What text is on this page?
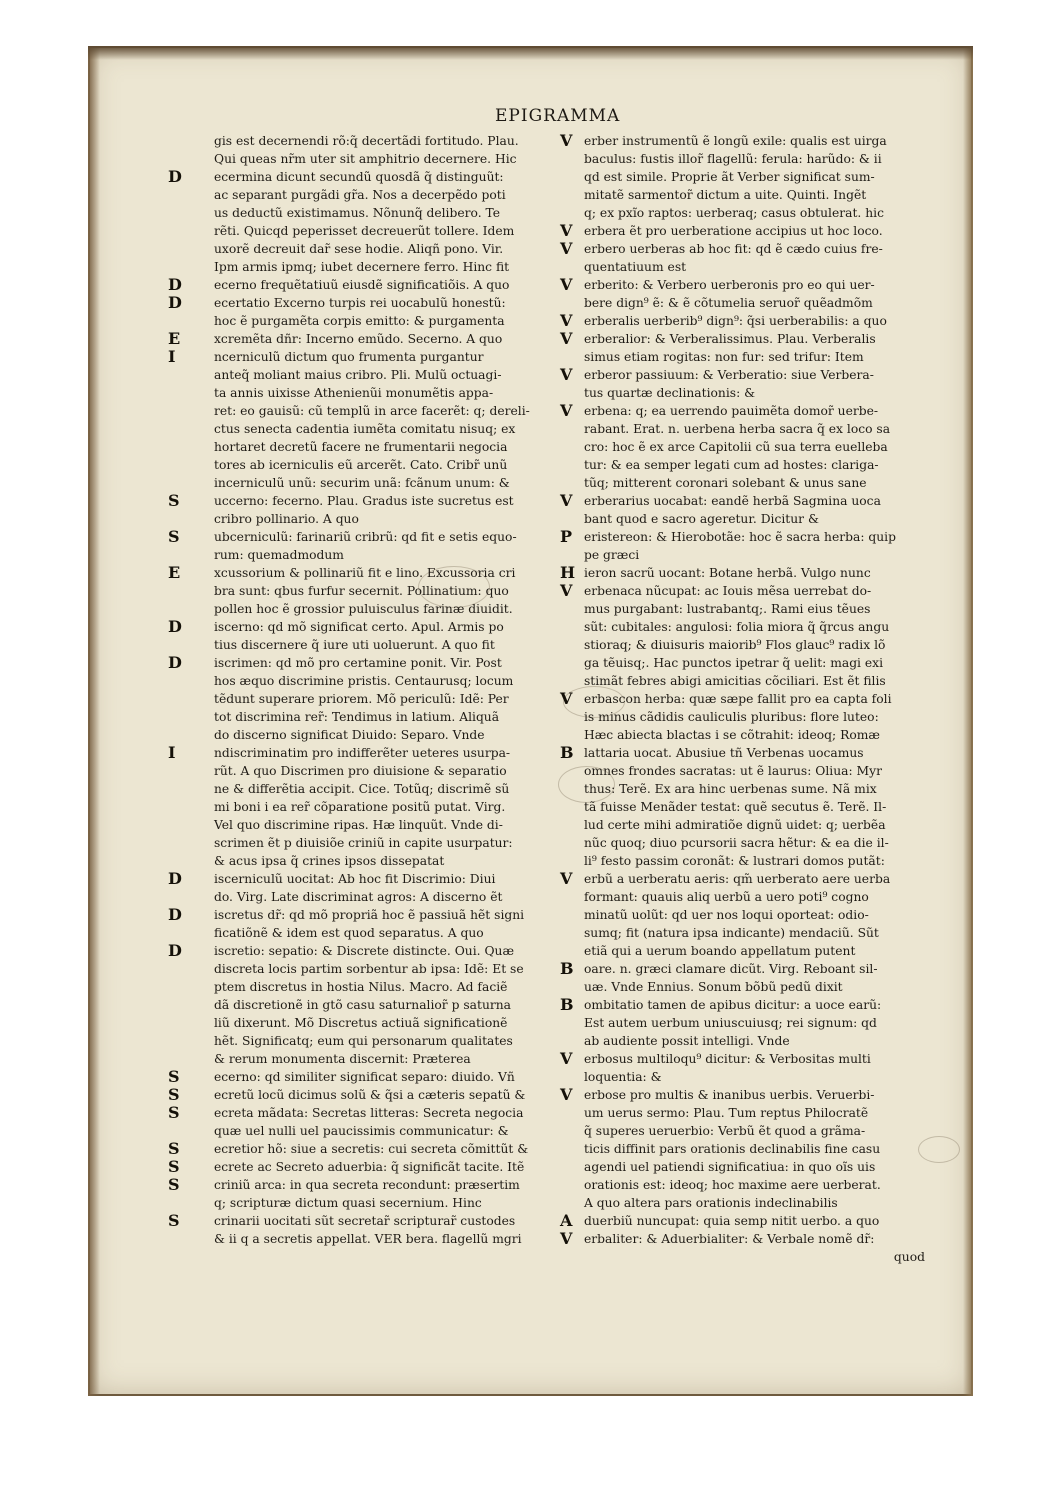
EPIGRAMMA
gis est decernendi rõ:q̃ decertãdi fortitudo. Plau.
Qui queas nr̃m uter sit amphitrio decernere. Hic
D	ecermina dicunt secundũ quosdã q̃ distinguũt:
ac separant purgãdi gr̃a. Nos a decerpẽdo poti
us deductũ existimamus. Nõnunq̃ delibero. Te
rẽti. Quicqd peperisset decreuerũt tollere. Idem
uxorẽ decreuit dar̃ sese hodie. Aliqñ pono. Vir.
Ipm armis ipmq; iubet decernere ferro. Hinc fit
D	ecerno frequẽtatiuũ eiusdẽ significatiõis. A quo
D	ecertatio Excerno turpis rei uocabulũ honestũ:
hoc ẽ purgamẽta corpis emitto: & purgamenta
E	xcremẽta dñr: Incerno emũdo. Secerno. A quo
I	ncerniculũ dictum quo frumenta purgantur
anteq̃ moliant maius cribro. Pli. Mulũ octuagi-
ta annis uixisse Athenienũi monumẽtis appa-
ret: eo gauisũ: cũ templũ in arce facerẽt: q; dereli-
ctus senecta cadentia iumẽta comitatu nisuq; ex
hortaret decretũ facere ne frumentarii negocia
tores ab icerniculis eũ arcerẽt. Cato. Cribr̃ unũ
incerniculũ unũ: securim unã: fcãnum unum: &
S	uccerno: fecerno. Plau. Gradus iste sucretus est
cribro pollinario. A quo
S	ubcerniculũ: farinariũ cribrũ: qd fit e setis equo-
rum: quemadmodum
E	xcussorium & pollinariũ fit e lino. Excussoria cri
bra sunt: qbus furfur secernit. Pollinatium: quo
pollen hoc ẽ grossior puluisculus farinæ diuidit.
D	iscerno: qd mõ significat certo. Apul. Armis po
tius discernere q̃ iure uti uoluerunt. A quo fit
D	iscrimen: qd mõ pro certamine ponit. Vir. Post
hos æquo discrimine pristis. Centaurusq; locum
tẽdunt superare priorem. Mõ periculũ: Idẽ: Per
tot discrimina rer̃: Tendimus in latium. Aliquã
do discerno significat Diuido: Separo. Vnde
I	ndiscriminatim pro indifferẽter ueteres usurpa-
rũt. A quo Discrimen pro diuisione & separatio
ne & differẽtia accipit. Cice. Totũq; discrimẽ sũ
mi boni i ea rer̃ cõparatione positũ putat. Virg.
Vel quo discrimine ripas. Hæ linquũt. Vnde di-
scrimen ẽt p diuisiõe criniũ in capite usurpatur:
& acus ipsa q̃ crines ipsos dissepatat
D	iscerniculũ uocitat: Ab hoc fit Discrimio: Diui
do. Virg. Late discriminat agros: A discerno ẽt
D	iscretus dr̃: qd mõ propriã hoc ẽ passiuã hẽt signi
ficatiõnẽ & idem est quod separatus. A quo
D	iscretio: sepatio: & Discrete distincte. Oui. Quæ
discreta locis partim sorbentur ab ipsa: Idẽ: Et se
ptem discretus in hostia Nilus. Macro. Ad faciẽ
dã discretionẽ in gtõ casu saturnalior̃ p saturna
liũ dixerunt. Mõ Discretus actiuã significationẽ
hẽt. Significatq; eum qui personarum qualitates
& rerum monumenta discernit: Præterea
S	ecerno: qd similiter significat separo: diuido. Vñ
S	ecretũ locũ dicimus solũ & q̃si a cæteris sepatũ &
S	ecreta mãdata: Secretas litteras: Secreta negocia
quæ uel nulli uel paucissimis communicatur: &
S	ecretior hõ: siue a secretis: cui secreta cõmittũt &
S	ecrete ac Secreto aduerbia: q̃ significãt tacite. Itẽ
S	criniũ arca: in qua secreta recondunt: præsertim
q; scripturæ dictum quasi secernium. Hinc
S	crinarii uocitati sũt secretar̃ scripturar̃ custodes
& ii q a secretis appellat. VER bera. flagellũ mgri
V erber instrumentũ ẽ longũ exile: qualis est uirga
baculus: fustis illor̃ flagellũ: ferula: harũdo: & ii
qd est simile. Proprie ãt Verber significat sum-
mitatẽ sarmentor̃ dictum a uite. Quinti. Ingẽt
q; ex pxĩo raptos: uerberaq; casus obtulerat. hic
V erbera ẽt pro uerberatione accipius ut hoc loco.
V erbero uerberas ab hoc fit: qd ẽ cædo cuius fre-
quentatiuum est
V erberito: & Verbero uerberonis pro eo qui uer-
bere dign⁹ ẽ: & ẽ cõtumelia seruor̃ quẽadmõm
V erberalis uerberib⁹ dign⁹: q̃si uerberabilis: a quo
V erberalior: & Verberalissimus. Plau. Verberalis
simus etiam rogitas: non fur: sed trifur: Item
V erberor passiuum: & Verberatio: siue Verbera-
tus quartæ declinationis: &
V erbena: q; ea uerrendo pauimẽta domor̃ uerbe-
rabant. Erat. n. uerbena herba sacra q̃ ex loco sa
cro: hoc ẽ ex arce Capitolii cũ sua terra euelleba
tur: & ea semper legati cum ad hostes: clariga-
tũq; mitterent coronari solebant & unus sane
V erberarius uocabat: eandẽ herbã Sagmina uoca
bant quod e sacro ageretur. Dicitur &
P eristereon: & Hierobotãe: hoc ẽ sacra herba: quip
pe græci
H ieron sacrũ uocant: Botane herbã. Vulgo nunc
V erbenaca nũcupat: ac Iouis mẽsa uerrebat do-
mus purgabant: lustrabantq;. Rami eius tẽues
sũt: cubitales: angulosi: folia miora q̃ q̃rcus angu
stioraq; & diuisuris maiorib⁹ Flos glauc⁹ radix lõ
ga tẽuisq;. Hac punctos ipetrar q̃ uelit: magi exi
stimãt febres abigi amicitias cõciliari. Est ẽt filis
V erbascon herba: quæ sæpe fallit pro ea capta foli
is minus cãdidis cauliculis pluribus: flore luteo:
Hæc abiecta blactas i se cõtrahit: ideoq; Romæ
B lattaria uocat. Abusiue tñ Verbenas uocamus
omnes frondes sacratas: ut ẽ laurus: Oliua: Myr
thus: Terẽ. Ex ara hinc uerbenas sume. Nã mix
tã fuisse Menãder testat: quẽ secutus ẽ. Terẽ. Il-
lud certe mihi admiratiõe dignũ uidet: q; uerbẽa
nũc quoq; diuo pcursorii sacra hẽtur: & ea die il-
li⁹ festo passim coronãt: & lustrari domos putãt:
V erbũ a uerberatu aeris: qm̃ uerberato aere uerba
formant: quauis aliq uerbũ a uero poti⁹ cogno
minatũ uolũt: qd uer nos loqui oporteat: odio-
sumq; fit (natura ipsa indicante) mendaciũ. Sũt
etiã qui a uerum boando appellatum putent
B oare. n. græci clamare dicũt. Virg. Reboant sil-
uæ. Vnde Ennius. Sonum bõbũ pedũ dixit
B ombitatio tamen de apibus dicitur: a uoce earũ:
Est autem uerbum uniuscuiusq; rei signum: qd
ab audiente possit intelligi. Vnde
V erbosus multiloqu⁹ dicitur: & Verbositas multi
loquentia: &
V erbose pro multis & inanibus uerbis. Veruerbi-
um uerus sermo: Plau. Tum reptus Philocratẽ
q̃ superes ueruerbio: Verbũ ẽt quod a grãma-
ticis diffinit pars orationis declinabilis fine casu
agendi uel patiendi significatiua: in quo oĩs uis
orationis est: ideoq; hoc maxime aere uerberat.
A quo altera pars orationis indeclinabilis
A duerbiũ nuncupat: quia semp nitit uerbo. a quo
V erbaliter: & Aduerbialiter: & Verbale nomẽ dr̃:
quod
